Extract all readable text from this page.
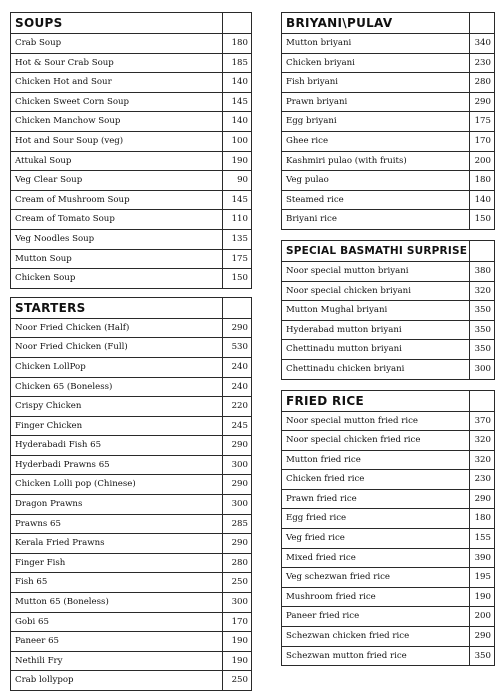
SOUPS	
Crab Soup	180
Hot & Sour Crab Soup	185
Chicken Hot and Sour	140
Chicken Sweet Corn Soup	145
Chicken Manchow Soup	140
Hot and Sour Soup (veg)	100
Attukal Soup	190
Veg Clear Soup	90
Cream of Mushroom Soup	145
Cream of Tomato Soup	110
Veg Noodles Soup	135
Mutton Soup	175
Chicken Soup	150

STARTERS	
Noor Fried Chicken (Half)	290
Noor Fried Chicken (Full)	530
Chicken LollPop	240
Chicken 65 (Boneless)	240
Crispy Chicken	220
Finger Chicken	245
Hyderabadi Fish 65	290
Hyderbadi Prawns 65	300
Chicken Lolli pop (Chinese)	290
Dragon Prawns	300
Prawns 65	285
Kerala Fried Prawns	290
Finger Fish	280
Fish 65	250
Mutton 65 (Boneless)	300
Gobi 65	170
Paneer 65	190
Nethili Fry	190
Crab lollypop	250
BRIYANI\PULAV	
Mutton briyani	340
Chicken briyani	230
Fish briyani	280
Prawn briyani	290
Egg briyani	175
Ghee rice	170
Kashmiri pulao (with fruits)	200
Veg pulao	180
Steamed rice	140
Briyani rice	150

SPECIAL BASMATHI SURPRISE	
Noor special mutton briyani	380
Noor special chicken briyani	320
Mutton Mughal briyani	350
Hyderabad mutton briyani	350
Chettinadu mutton briyani	350
Chettinadu chicken briyani	300

FRIED RICE	
Noor special mutton fried rice	370
Noor special chicken fried rice	320
Mutton fried rice	320
Chicken fried rice	230
Prawn fried rice	290
Egg fried rice	180
Veg fried rice	155
Mixed fried rice	390
Veg schezwan fried rice	195
Mushroom fried rice	190
Paneer fried rice	200
Schezwan chicken fried rice	290
Schezwan mutton fried rice	350
